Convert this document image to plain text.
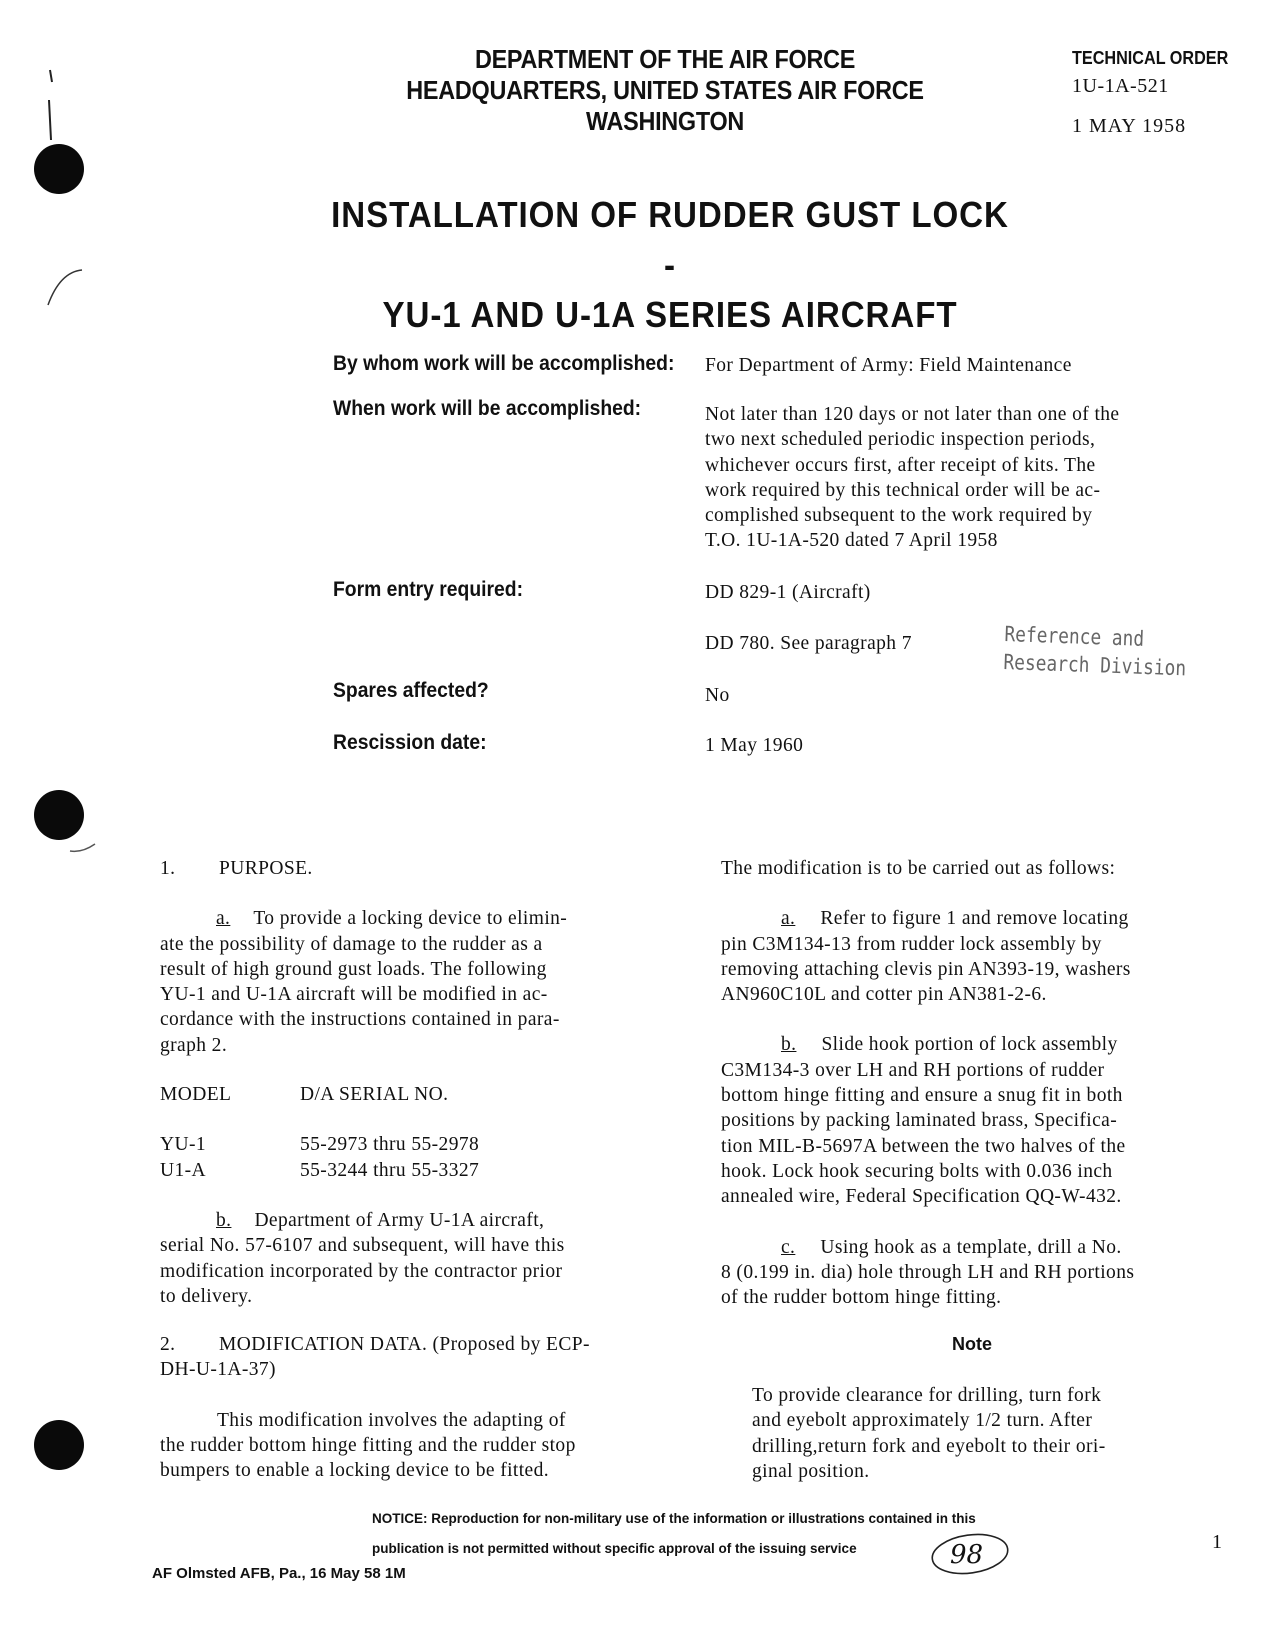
DEPARTMENT OF THE AIR FORCE
HEADQUARTERS, UNITED STATES AIR FORCE
WASHINGTON
TECHNICAL ORDER
1U-1A-521
1 MAY 1958
INSTALLATION OF RUDDER GUST LOCK -
YU-1 AND U-1A SERIES AIRCRAFT
By whom work will be accomplished: For Department of Army: Field Maintenance
When work will be accomplished:	Not later than 120 days or not later than one of the
two next scheduled periodic inspection periods,
whichever occurs first, after receipt of kits. The
work required by this technical order will be ac-
complished subsequent to the work required by
T.O. 1U-1A-520 dated 7 April 1958
Form entry required:	DD 829-1 (Aircraft)
DD 780. See paragraph 7	Reference and
Research Division
Spares affected?	No
Rescission date:	1 May 1960

1. PURPOSE.

a. To provide a locking device to elimin-
ate the possibility of damage to the rudder as a
result of high ground gust loads. The following
YU-1 and U-1A aircraft will be modified in ac-
cordance with the instructions contained in para-
graph 2.

MODEL	D/A SERIAL NO.

YU-1	55-2973 thru 55-2978
U1-A	55-3244 thru 55-3327

b. Department of Army U-1A aircraft,
serial No. 57-6107 and subsequent, will have this
modification incorporated by the contractor prior
to delivery.

2. MODIFICATION DATA. (Proposed by ECP-
DH-U-1A-37)

This modification involves the adapting of
the rudder bottom hinge fitting and the rudder stop
bumpers to enable a locking device to be fitted.

The modification is to be carried out as follows:

a. Refer to figure 1 and remove locating
pin C3M134-13 from rudder lock assembly by
removing attaching clevis pin AN393-19, washers
AN960C10L and cotter pin AN381-2-6.

b. Slide hook portion of lock assembly
C3M134-3 over LH and RH portions of rudder
bottom hinge fitting and ensure a snug fit in both
positions by packing laminated brass, Specifica-
tion MIL-B-5697A between the two halves of the
hook. Lock hook securing bolts with 0.036 inch
annealed wire, Federal Specification QQ-W-432.

c. Using hook as a template, drill a No.
8 (0.199 in. dia) hole through LH and RH portions
of the rudder bottom hinge fitting.

Note
To provide clearance for drilling, turn fork
and eyebolt approximately 1/2 turn. After
drilling,return fork and eyebolt to their ori-
ginal position.
NOTICE: Reproduction for non-military use of the information or illustrations contained in this
publication is not permitted without specific approval of the issuing service	98	1
AF Olmsted AFB, Pa., 16 May 58 1M
